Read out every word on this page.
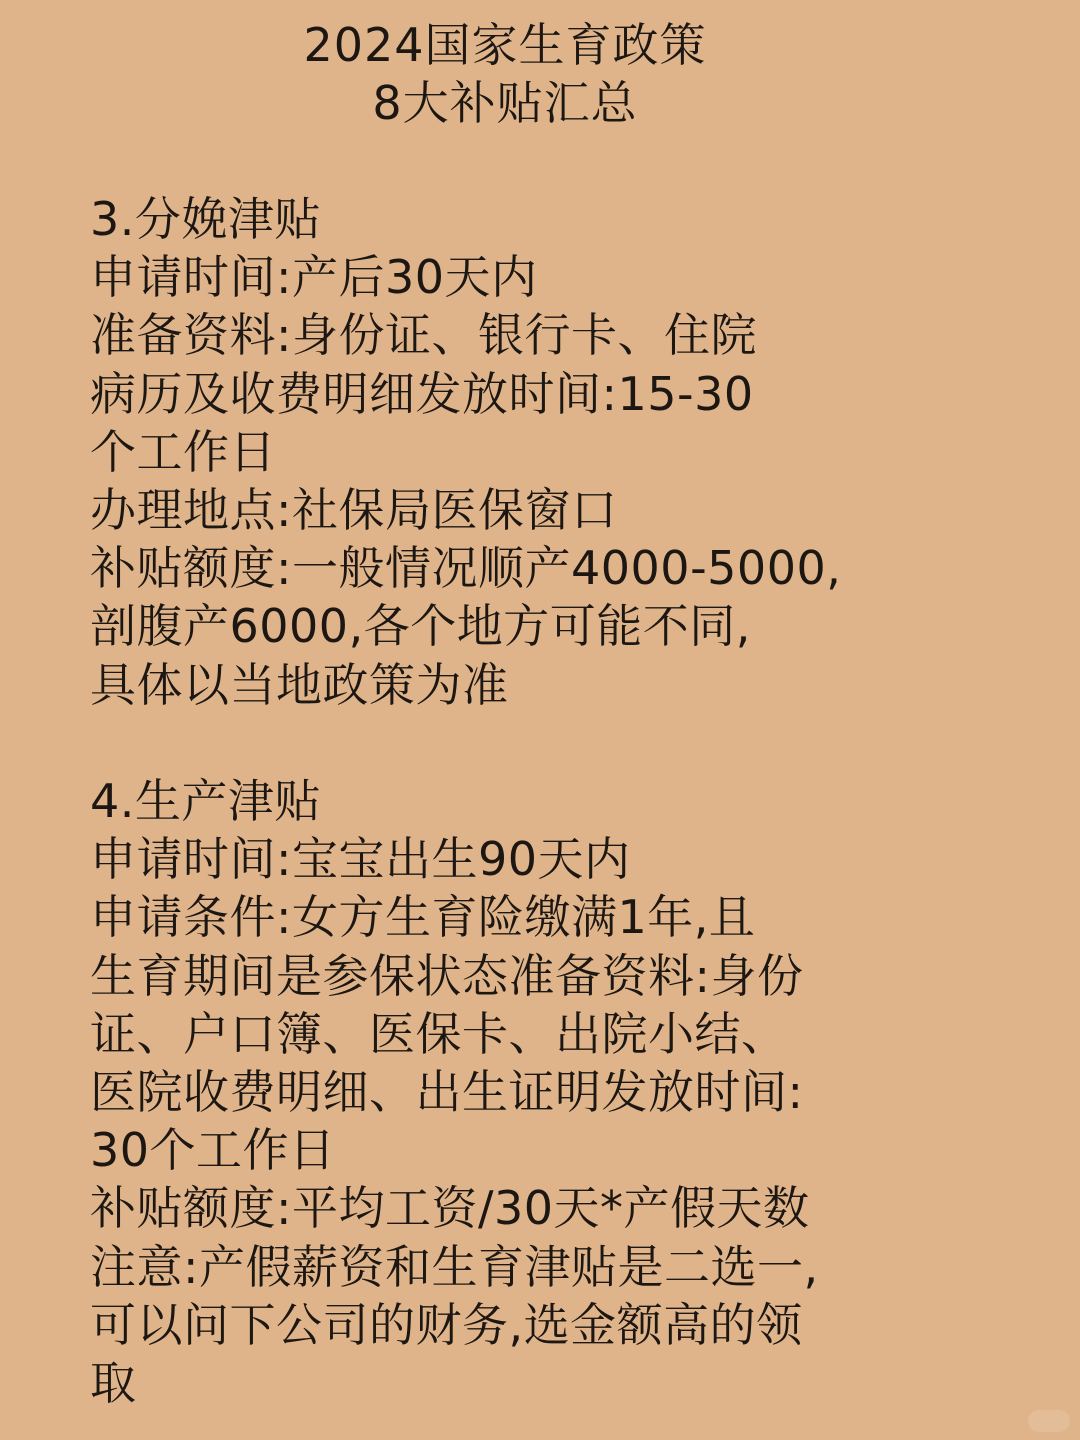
2024国家生育政策
8大补贴汇总
3.分娩津贴
申请时间:产后30天内
准备资料:身份证、银行卡、住院
病历及收费明细发放时间:15-30
个工作日
办理地点:社保局医保窗口
补贴额度:一般情况顺产4000-5000,
剖腹产6000,各个地方可能不同,
具体以当地政策为准
4.生产津贴
申请时间:宝宝出生90天内
申请条件:女方生育险缴满1年,且
生育期间是参保状态准备资料:身份
证、户口簿、医保卡、出院小结、
医院收费明细、出生证明发放时间:
30个工作日
补贴额度:平均工资/30天*产假天数
注意:产假薪资和生育津贴是二选一,
可以问下公司的财务,选金额高的领
取
